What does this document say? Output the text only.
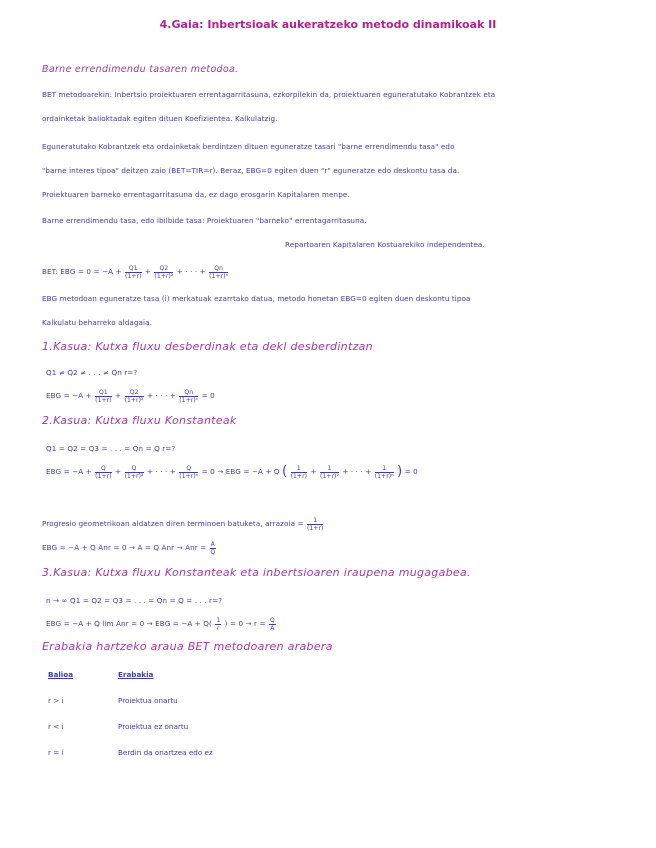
4.Gaia: Inbertsioak aukeratzeko metodo dinamikoak II
Barne errendimendu tasaren metodoa.
BET metodoarekin: Inbertsio proiektuaren errentagarritasuna, ezkorpilekin da, proiektuaren eguneratutako Kobrantzek eta
ordainketak balioktadak egiten dituen Koefizientea. Kalkulatzig.
Eguneratutako Kobrantzek eta ordainketak berdintzen dituen eguneratze tasari "barne errendimendu tasa" edo
"barne interes tipoa" deitzen zaio (BET=TIR=r). Beraz, EBG=0 egiten duen "r" eguneratze edo deskontu tasa da.
Proiektuaren barneko errentagarritasuna da, ez dago erosgarin Kapitalaren menpe.
Barne errendimendu tasa, edo ibilbide tasa: Proiektuaren "barneko" errentagarritasuna.
Repartoaren Kapitalaren Kostuarekiko independentea.
BET: EBG = $0 = -A + \frac{Q1}{(1+r)} + \frac{Q2}{\text{(1+r)²}}$ + · · · + $\frac{Qn}{\text{(1+r)ⁿ}}$
EBG metodoan eguneratze tasa (i) merkatuak ezarrtako datua, metodo honetan EBG=0 egiten duen deskontu tipoa
Kalkulatu beharreko aldagaia.
1.Kasua: Kutxa fluxu desberdinak eta dekl desberdintzan
Q1 ≠ Q2 ≠ . . . ≠ Qn r=?
EBG = $-A + \frac{Q1}{(1+r)} + \frac{Q2}{\text{(1+r)²}}$ + · · · + $\frac{Qn}{\text{(1+r)ⁿ}} = 0$
2.Kasua: Kutxa fluxu Konstanteak
Q1 = Q2 = Q3 = . . . = Qn = Q r=?
EBG = $-A + \frac{Q}{(1+r)} + \frac{Q}{\text{(1+r)²}}$ + · · · + $\frac{Q}{\text{(1+r)ⁿ}} = 0$ → EBG = −A + Q ( $\frac{1}{(1+r)} + \frac{1}{\text{(1+r)²}}$ + · · · + $\frac{1}{\text{(1+r)ⁿ}}$ ) = 0
Progresio geometrikoan aldatzen diren terminoen batuketa, arrazoia = $\frac{1}{(1+r)}$
EBG = −A + Q Anr = 0 → A = Q Anr → Anr = $\frac{A}{Q}$
3.Kasua: Kutxa fluxu Konstanteak eta inbertsioaren iraupena mugagabea.
n → ∞ Q1 = Q2 = Q3 = . . . = Qn = Q = . . . r=?
EBG = −A + Q lim Anr = 0 → EBG = $-A + Q( \frac{1}{r}$ ) = $0 \to r = \frac{Q}{A}$
Erabakia hartzeko araua BET metodoaren arabera
Balioa	Erabakia
r > i	Proiektua onartu
r < i	Proiektua ez onartu
r = i	Berdin da onartzea edo ez
